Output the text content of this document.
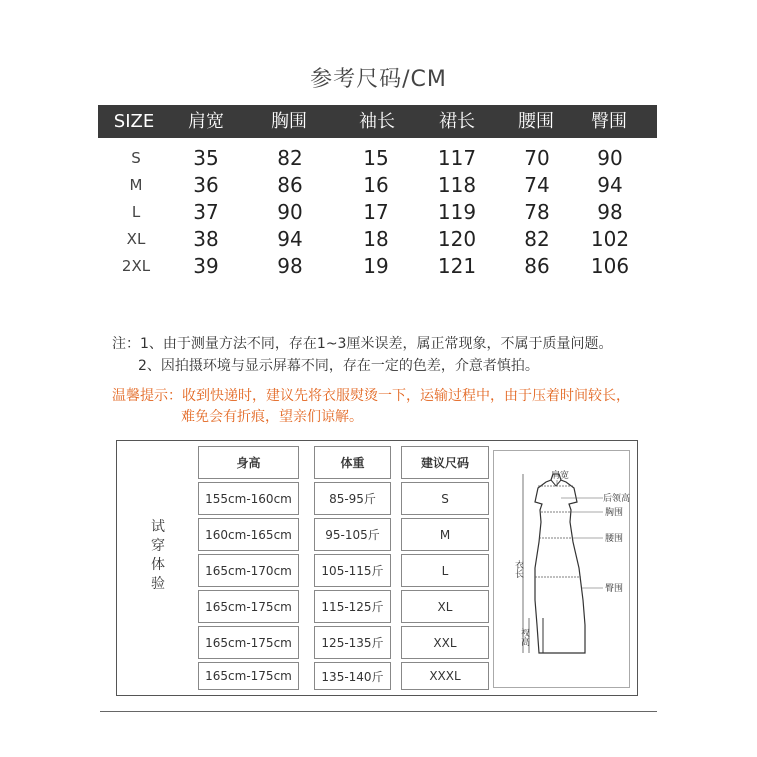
参考尺码/CM
SIZE 肩宽	胸围	袖长 裙长 腰围 臀围
S	35	82	15 117 70 90
M	36	86	16 118 74 94
L	37	90	17 119 78 98
XL 38	94	18 120 82 102
2XL 39	98	19 121 86 106
注：1、由于测量方法不同，存在1~3厘米误差，属正常现象，不属于质量问题。
2、因拍摄环境与显示屏幕不同，存在一定的色差，介意者慎拍。
温馨提示：收到快递时，建议先将衣服熨烫一下，运输过程中，由于压着时间较长，
难免会有折痕，望亲们谅解。
试
穿
体
验
身高	体重	建议尺码
155cm-160cm	85-95斤	S
160cm-165cm	95-105斤	M
165cm-170cm	105-115斤	L
165cm-175cm	115-125斤	XL
165cm-175cm	125-135斤	XXL
165cm-175cm	135-140斤	XXXL
肩宽
后领高
胸围
腰围
臀围
衣长
衩高
